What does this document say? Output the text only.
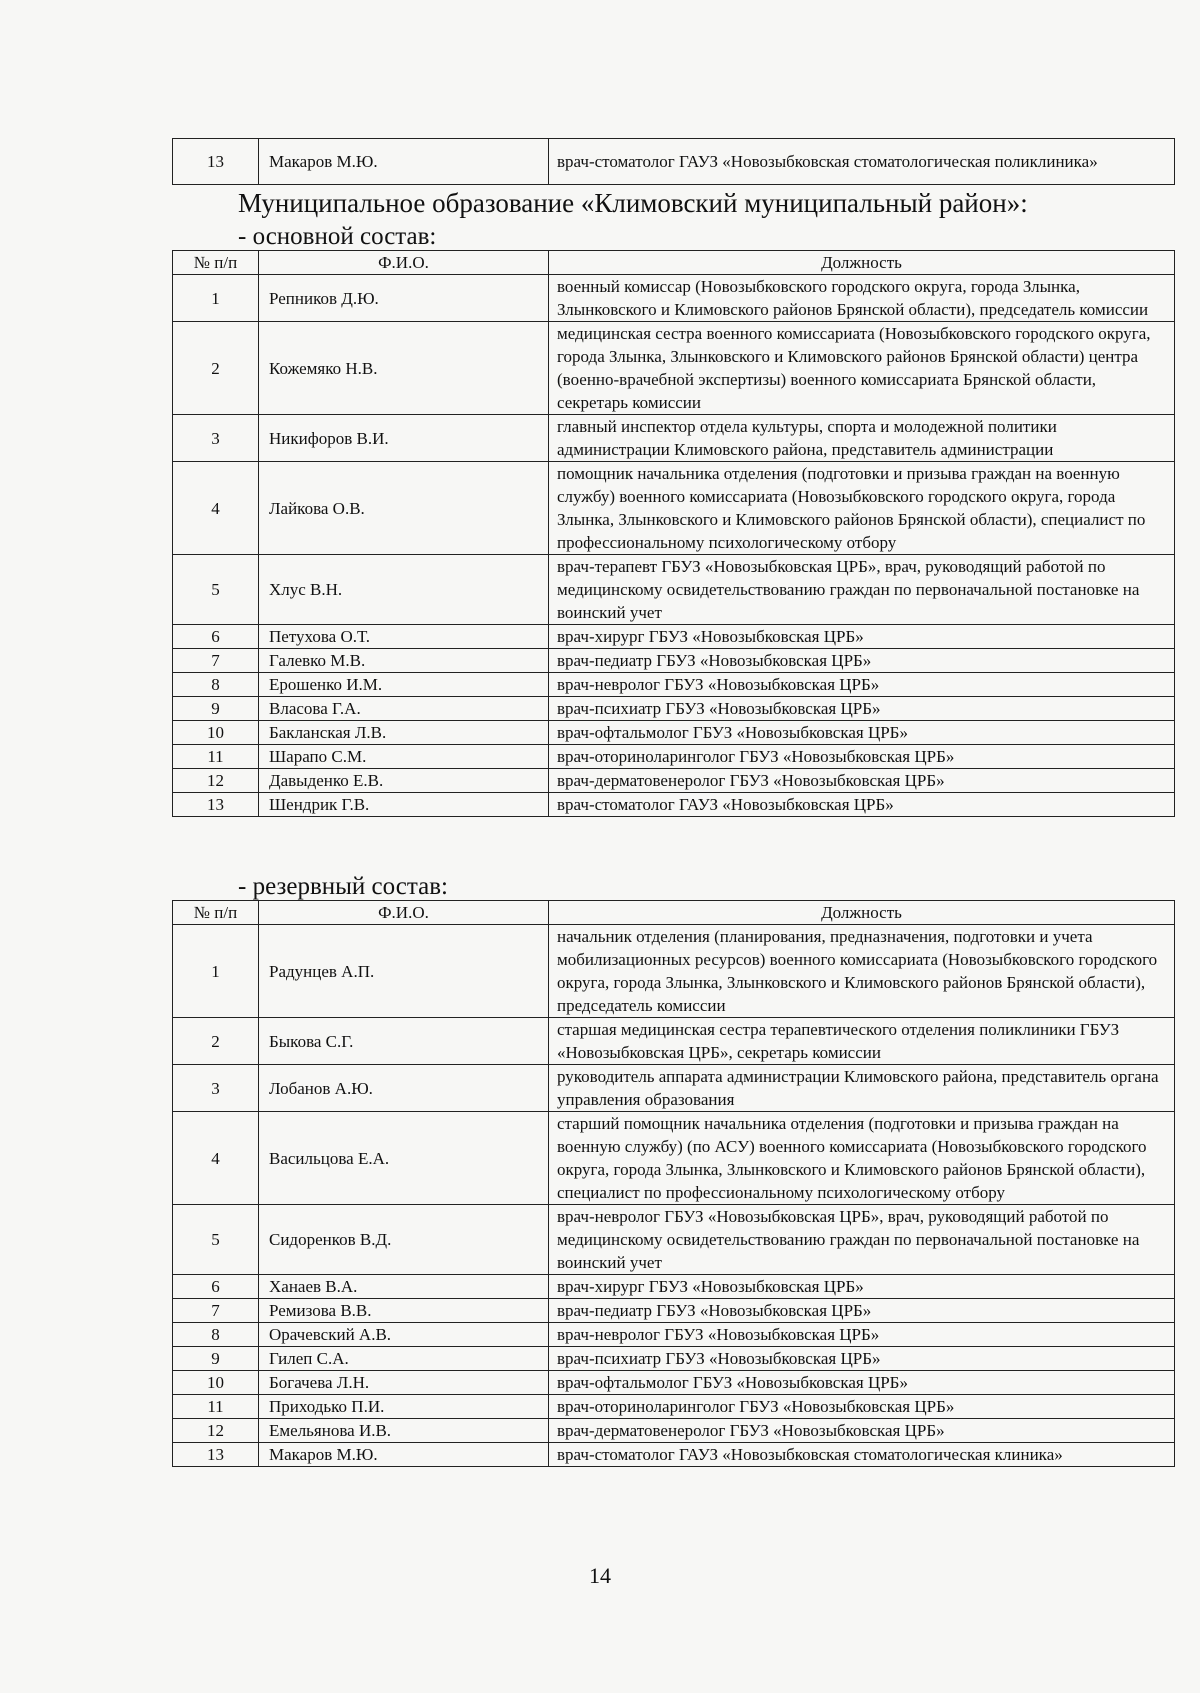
13	Макаров М.Ю.	врач-стоматолог ГАУЗ «Новозыбковская стоматологическая поликлиника»
Муниципальное образование «Климовский муниципальный район»:
- основной состав:
№ п/п	Ф.И.О.	Должность
1	Репников Д.Ю.	военный комиссар (Новозыбковского городского округа, города Злынка, Злынковского и Климовского районов Брянской области), председатель комиссии
2	Кожемяко Н.В.	медицинская сестра военного комиссариата (Новозыбковского городского округа, города Злынка, Злынковского и Климовского районов Брянской области) центра (военно-врачебной экспертизы) военного комиссариата Брянской области, секретарь комиссии
3	Никифоров В.И.	главный инспектор отдела культуры, спорта и молодежной политики администрации Климовского района, представитель администрации
4	Лайкова О.В.	помощник начальника отделения (подготовки и призыва граждан на военную службу) военного комиссариата (Новозыбковского городского округа, города Злынка, Злынковского и Климовского районов Брянской области), специалист по профессиональному психологическому отбору
5	Хлус В.Н.	врач-терапевт ГБУЗ «Новозыбковская ЦРБ», врач, руководящий работой по медицинскому освидетельствованию граждан по первоначальной постановке на воинский учет
6	Петухова О.Т.	врач-хирург ГБУЗ «Новозыбковская ЦРБ»
7	Галевко М.В.	врач-педиатр ГБУЗ «Новозыбковская ЦРБ»
8	Ерошенко И.М.	врач-невролог ГБУЗ «Новозыбковская ЦРБ»
9	Власова Г.А.	врач-психиатр ГБУЗ «Новозыбковская ЦРБ»
10	Бакланская Л.В.	врач-офтальмолог ГБУЗ «Новозыбковская ЦРБ»
11	Шарапо С.М.	врач-оториноларинголог ГБУЗ «Новозыбковская ЦРБ»
12	Давыденко Е.В.	врач-дерматовенеролог ГБУЗ «Новозыбковская ЦРБ»
13	Шендрик Г.В.	врач-стоматолог ГАУЗ «Новозыбковская ЦРБ»
- резервный состав:
№ п/п	Ф.И.О.	Должность
1	Радунцев А.П.	начальник отделения (планирования, предназначения, подготовки и учета мобилизационных ресурсов) военного комиссариата (Новозыбковского городского округа, города Злынка, Злынковского и Климовского районов Брянской области), председатель комиссии
2	Быкова С.Г.	старшая медицинская сестра терапевтического отделения поликлиники ГБУЗ «Новозыбковская ЦРБ», секретарь комиссии
3	Лобанов А.Ю.	руководитель аппарата администрации Климовского района, представитель органа управления образования
4	Васильцова Е.А.	старший помощник начальника отделения (подготовки и призыва граждан на военную службу) (по АСУ) военного комиссариата (Новозыбковского городского округа, города Злынка, Злынковского и Климовского районов Брянской области), специалист по профессиональному психологическому отбору
5	Сидоренков В.Д.	врач-невролог ГБУЗ «Новозыбковская ЦРБ», врач, руководящий работой по медицинскому освидетельствованию граждан по первоначальной постановке на воинский учет
6	Ханаев В.А.	врач-хирург ГБУЗ «Новозыбковская ЦРБ»
7	Ремизова В.В.	врач-педиатр ГБУЗ «Новозыбковская ЦРБ»
8	Орачевский А.В.	врач-невролог ГБУЗ «Новозыбковская ЦРБ»
9	Гилеп С.А.	врач-психиатр ГБУЗ «Новозыбковская ЦРБ»
10	Богачева Л.Н.	врач-офтальмолог ГБУЗ «Новозыбковская ЦРБ»
11	Приходько П.И.	врач-оториноларинголог ГБУЗ «Новозыбковская ЦРБ»
12	Емельянова И.В.	врач-дерматовенеролог ГБУЗ «Новозыбковская ЦРБ»
13	Макаров М.Ю.	врач-стоматолог ГАУЗ «Новозыбковская стоматологическая клиника»
14
